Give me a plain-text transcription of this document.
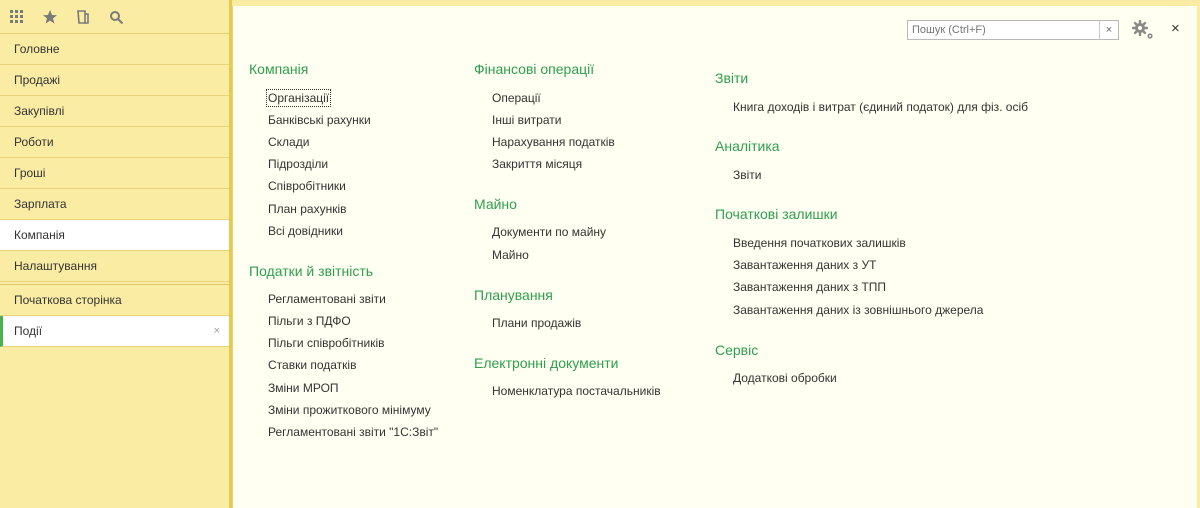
Головне
Продажі
Закупівлі
Роботи
Гроші
Зарплата
Компанія
Налаштування
Початкова сторінка
Події	×
Пошук (Ctrl+F)
×	×
Компанія
Організації
Банківські рахунки
Склади
Підрозділи
Співробітники
План рахунків
Всі довідники
Податки й звітність
Регламентовані звіти
Пільги з ПДФО
Пільги співробітників
Ставки податків
Зміни МРОП
Зміни прожиткового мінімуму
Регламентовані звіти "1С:Звіт"
Фінансові операції
Операції
Інші витрати
Нарахування податків
Закриття місяця
Майно
Документи по майну
Майно
Планування
Плани продажів
Електронні документи
Номенклатура постачальників
Звіти
Книга доходів і витрат (єдиний податок) для фіз. осіб
Аналітика
Звіти
Початкові залишки
Введення початкових залишків
Завантаження даних з УТ
Завантаження даних з ТПП
Завантаження даних із зовнішнього джерела
Сервіс
Додаткові обробки
